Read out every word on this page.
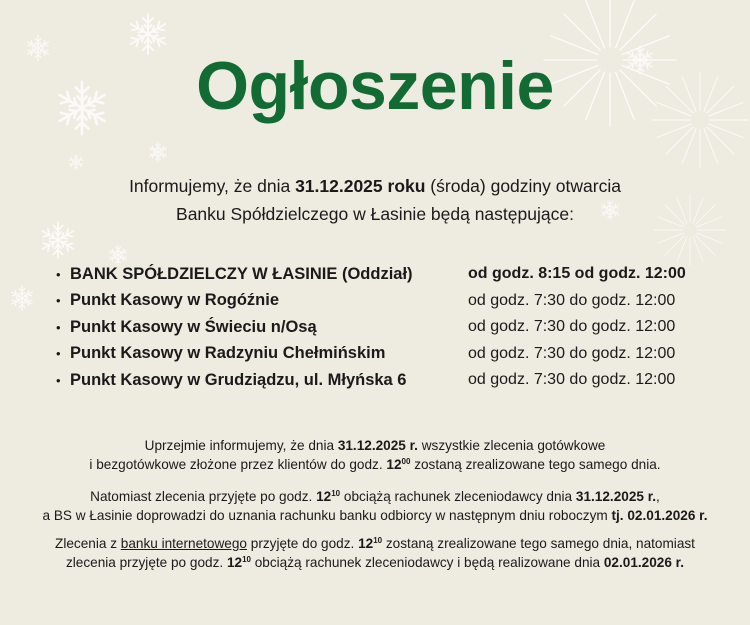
Ogłoszenie
Informujemy, że dnia 31.12.2025 roku (środa) godziny otwarcia
Banku Spółdzielczego w Łasinie będą następujące:
• BANK SPÓŁDZIELCZY W ŁASINIE (Oddział)	od godz. 8:15 od godz. 12:00
• Punkt Kasowy w Rogóźnie	od godz. 7:30 do godz. 12:00
• Punkt Kasowy w Świeciu n/Osą	od godz. 7:30 do godz. 12:00
• Punkt Kasowy w Radzyniu Chełmińskim	od godz. 7:30 do godz. 12:00
• Punkt Kasowy w Grudziądzu, ul. Młyńska 6	od godz. 7:30 do godz. 12:00
Uprzejmie informujemy, że dnia 31.12.2025 r. wszystkie zlecenia gotówkowe
i bezgotówkowe złożone przez klientów do godz. $12^{00}$ zostaną zrealizowane tego samego dnia.
Natomiast zlecenia przyjęte po godz. $12^{10}$ obciążą rachunek zleceniodawcy dnia 31.12.2025 r.,
a BS w Łasinie doprowadzi do uznania rachunku banku odbiorcy w następnym dniu roboczym tj. 02.01.2026 r.
Zlecenia z banku internetowego przyjęte do godz. $12^{10}$ zostaną zrealizowane tego samego dnia, natomiast
zlecenia przyjęte po godz. $12^{10}$ obciążą rachunek zleceniodawcy i będą realizowane dnia 02.01.2026 r.
